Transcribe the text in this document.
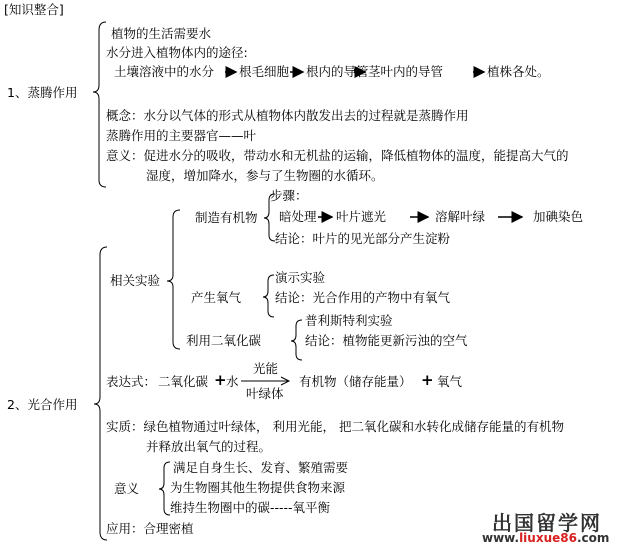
[知识整合]
1、蒸腾作用
植物的生活需要水
水分进入植物体内的途径:
土壤溶液中的水分 根毛细胞 根内的导管 茎叶内的导管	植株各处。
概念：水分以气体的形式从植物体内散发出去的过程就是蒸腾作用
蒸腾作用的主要器官——叶
意义：促进水分的吸收，带动水和无机盐的运输，降低植物体的温度，能提高大气的
湿度，增加降水，参与了生物圈的水循环。
2、光合作用
相关实验
制造有机物
步骤：
暗处理 叶片遮光	溶解叶绿	加碘染色
结论：叶片的见光部分产生淀粉
产生氧气
演示实验
结论：光合作用的产物中有氧气
利用二氧化碳
普利斯特利实验
结论：植物能更新污浊的空气
表达式： 二氧化碳 + 水
光能
叶绿体
有机物（储存能量） + 氧气
实质：绿色植物通过叶绿体， 利用光能， 把二氧化碳和水转化成储存能量的有机物
并释放出氧气的过程。
意义
满足自身生长、发育、繁殖需要
为生物圈其他生物提供食物来源
维持生物圈中的碳-----氧平衡
应用：合理密植	出国留学网
www.liuxue86.com
